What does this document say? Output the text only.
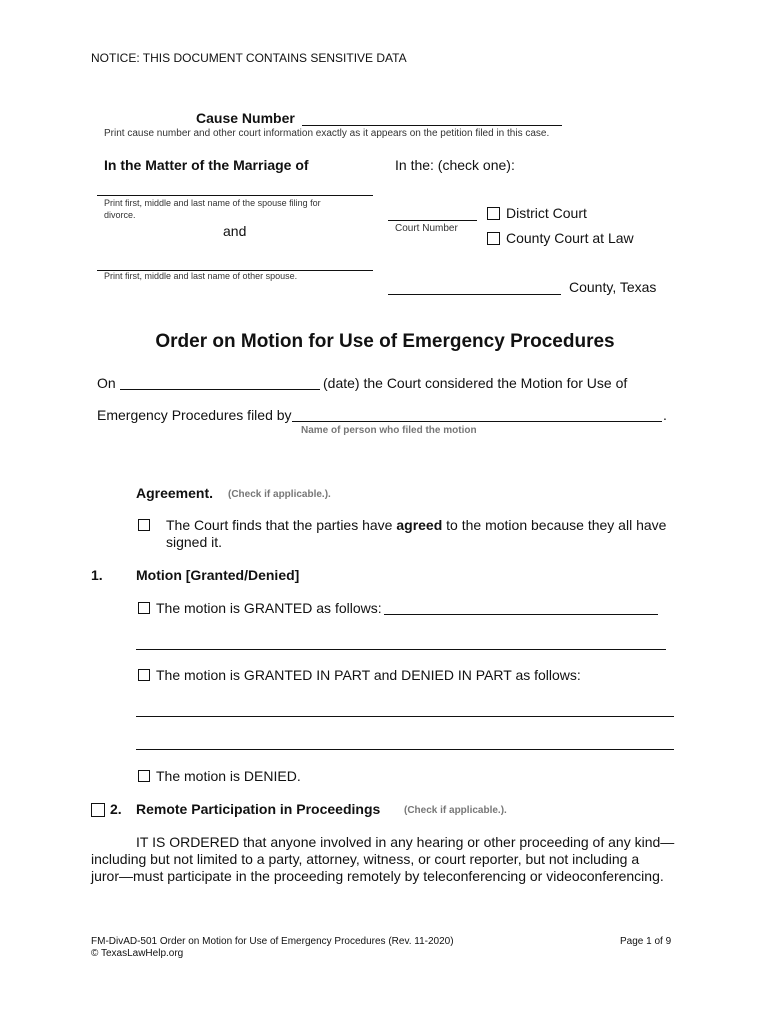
NOTICE: THIS DOCUMENT CONTAINS SENSITIVE DATA
Cause Number
Print cause number and other court information exactly as it appears on the petition filed in this case.
In the Matter of the Marriage of
Print first, middle and last name of the spouse filing for
divorce.
and
Print first, middle and last name of other spouse.
In the: (check one):
Court Number
District Court
County Court at Law
County, Texas
Order on Motion for Use of Emergency Procedures
On	(date) the Court considered the Motion for Use of
Emergency Procedures filed by	.
Name of person who filed the motion
Agreement. (Check if applicable.).
The Court finds that the parties have agreed to the motion because they all have
signed it.
1. Motion [Granted/Denied]
The motion is GRANTED as follows:
The motion is GRANTED IN PART and DENIED IN PART as follows:
The motion is DENIED.
2. Remote Participation in Proceedings (Check if applicable.).
IT IS ORDERED that anyone involved in any hearing or other proceeding of any kind—
including but not limited to a party, attorney, witness, or court reporter, but not including a
juror—must participate in the proceeding remotely by teleconferencing or videoconferencing.
FM-DivAD-501 Order on Motion for Use of Emergency Procedures (Rev. 11-2020)
© TexasLawHelp.org
Page 1 of 9
